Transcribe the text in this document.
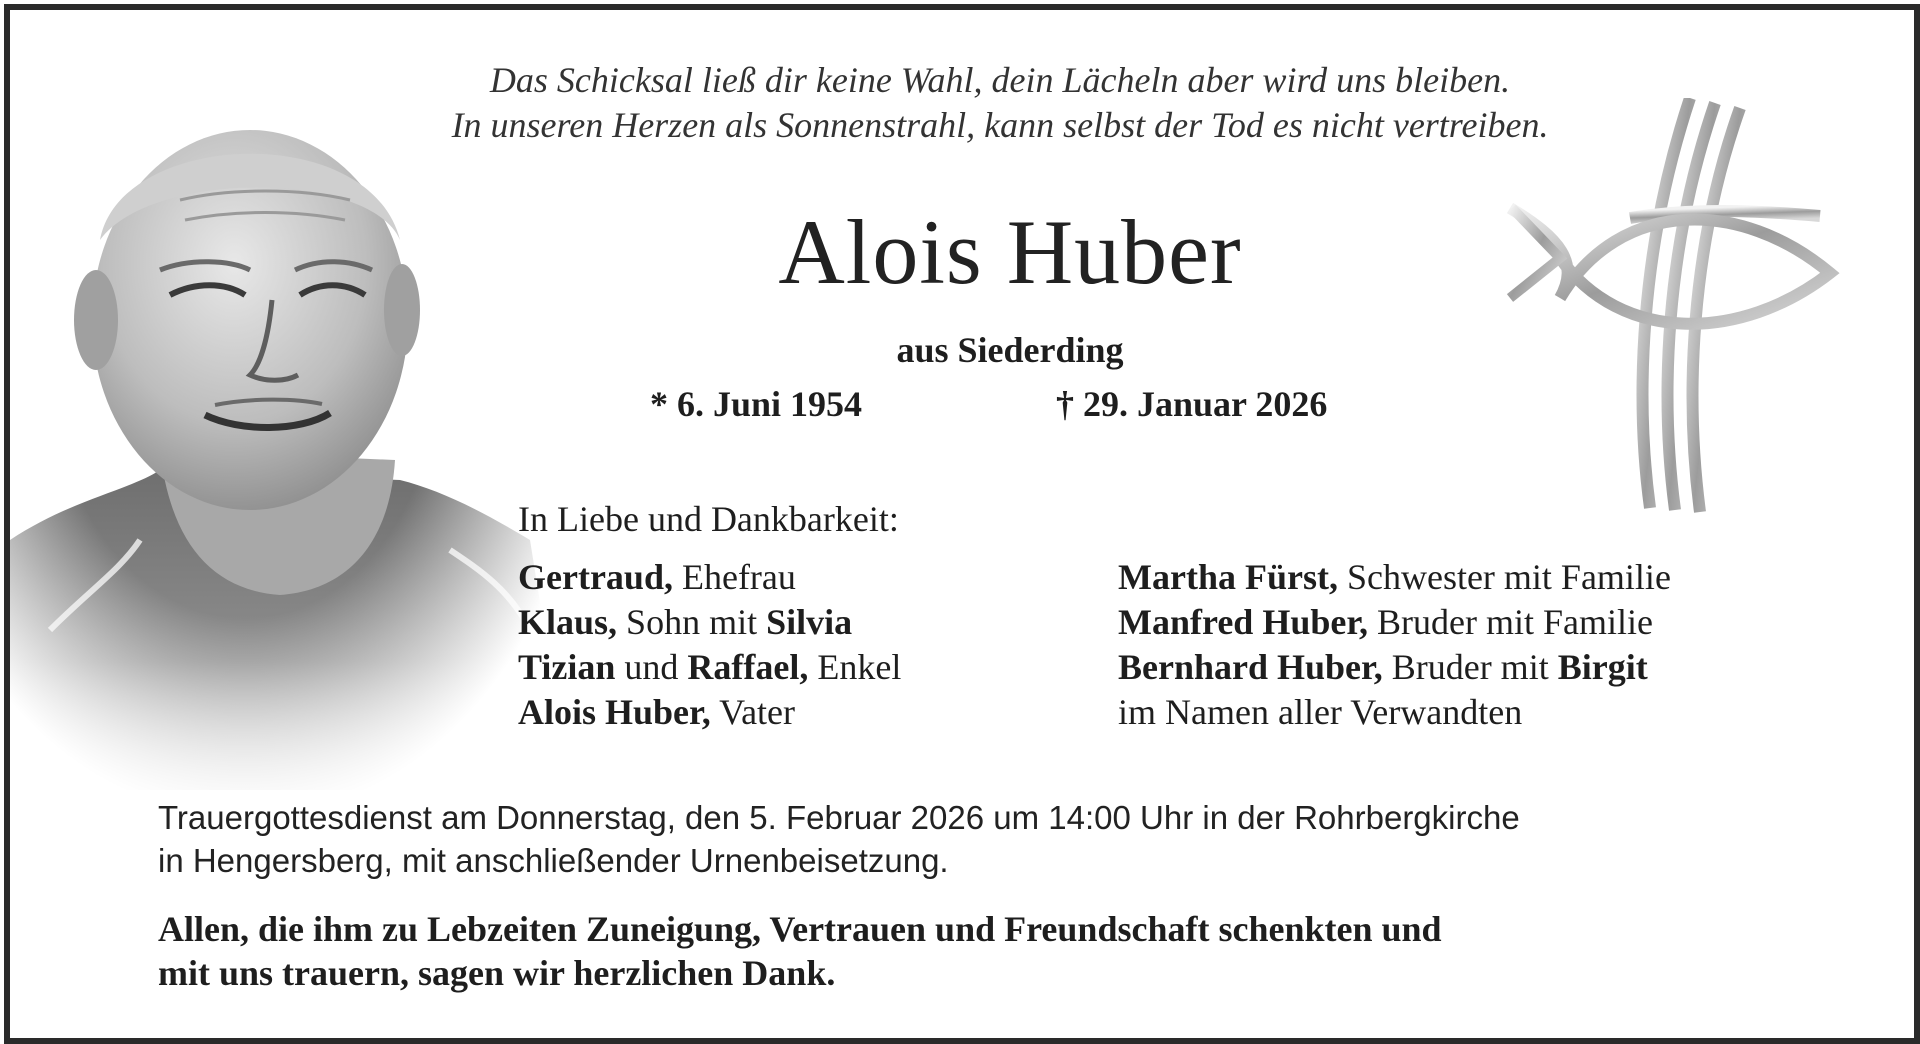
Das Schicksal ließ dir keine Wahl, dein Lächeln aber wird uns bleiben.
In unseren Herzen als Sonnenstrahl, kann selbst der Tod es nicht vertreiben.
Alois Huber
aus Siederding
* 6. Juni 1954	† 29. Januar 2026
In Liebe und Dankbarkeit:
Gertraud, Ehefrau
Klaus, Sohn mit Silvia
Tizian und Raffael, Enkel
Alois Huber, Vater
Martha Fürst, Schwester mit Familie
Manfred Huber, Bruder mit Familie
Bernhard Huber, Bruder mit Birgit
im Namen aller Verwandten
Trauergottesdienst am Donnerstag, den 5. Februar 2026 um 14:00 Uhr in der Rohrbergkirche
in Hengersberg, mit anschließender Urnenbeisetzung.
Allen, die ihm zu Lebzeiten Zuneigung, Vertrauen und Freundschaft schenkten und
mit uns trauern, sagen wir herzlichen Dank.
